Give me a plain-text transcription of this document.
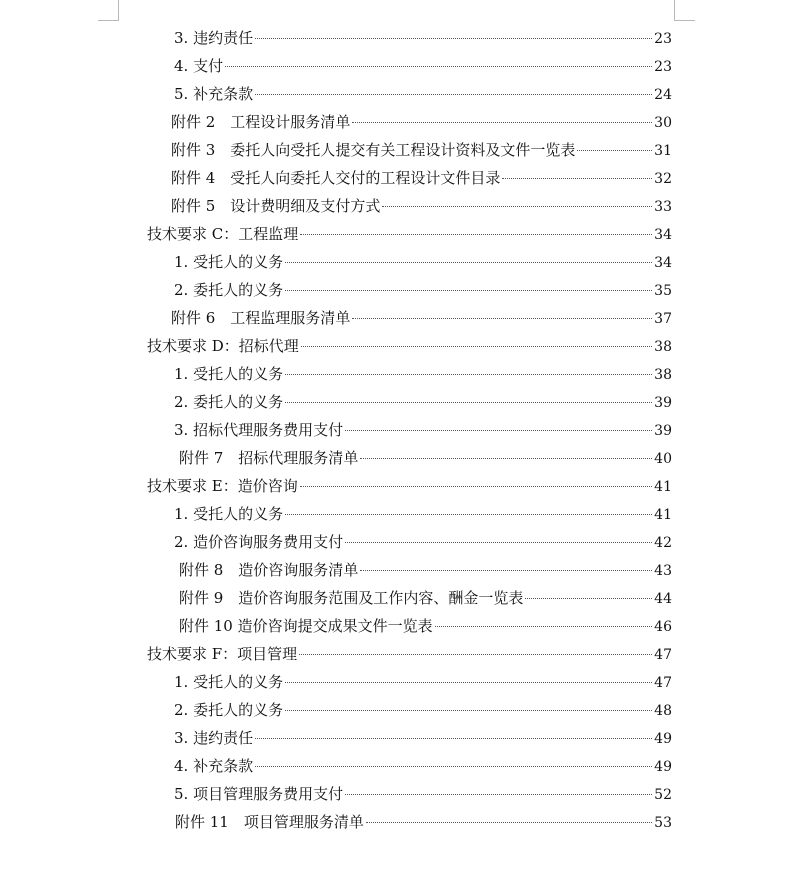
3. 违约责任	23
4. 支付	23
5. 补充条款	24
附件 2　工程设计服务清单	30
附件 3　委托人向受托人提交有关工程设计资料及文件一览表	31
附件 4　受托人向委托人交付的工程设计文件目录	32
附件 5　设计费明细及支付方式	33
技术要求 C：工程监理	34
1. 受托人的义务	34
2. 委托人的义务	35
附件 6　工程监理服务清单	37
技术要求 D：招标代理	38
1. 受托人的义务	38
2. 委托人的义务	39
3. 招标代理服务费用支付	39
附件 7　招标代理服务清单	40
技术要求 E：造价咨询	41
1. 受托人的义务	41
2. 造价咨询服务费用支付	42
附件 8　造价咨询服务清单	43
附件 9　造价咨询服务范围及工作内容、酬金一览表	44
附件 10 造价咨询提交成果文件一览表	46
技术要求 F：项目管理	47
1. 受托人的义务	47
2. 委托人的义务	48
3. 违约责任	49
4. 补充条款	49
5. 项目管理服务费用支付	52
附件 11　项目管理服务清单	53
